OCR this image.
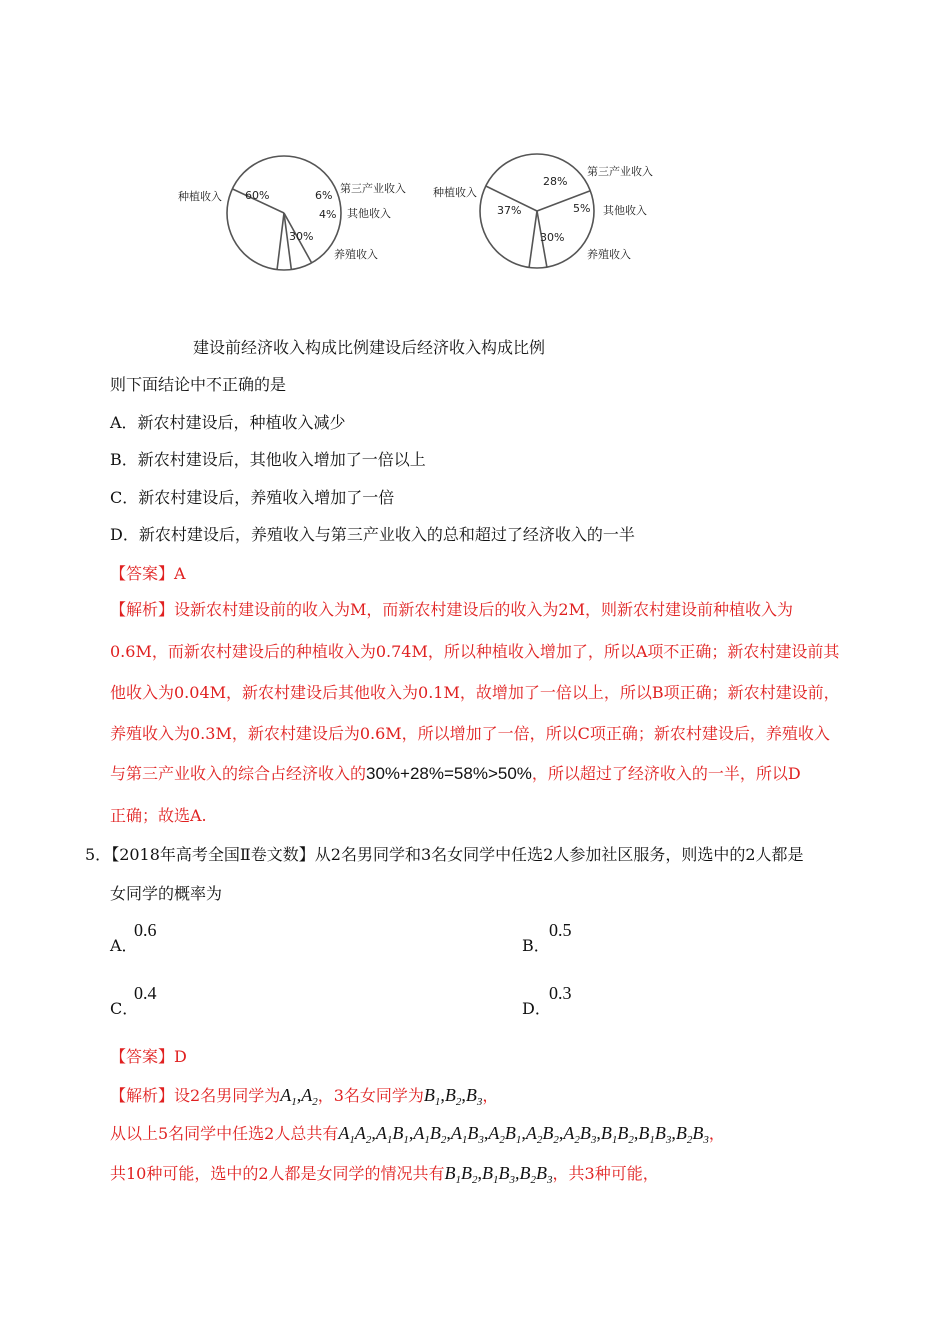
60%	6%
4%
30%
种植收入
第三产业收入
其他收入
养殖收入
28%
37%	5%
30%
种植收入
第三产业收入
其他收入
养殖收入
建设前经济收入构成比例建设后经济收入构成比例
则下面结论中不正确的是
A．新农村建设后，种植收入减少
B．新农村建设后，其他收入增加了一倍以上
C．新农村建设后，养殖收入增加了一倍
D．新农村建设后，养殖收入与第三产业收入的总和超过了经济收入的一半
【答案】A
【解析】设新农村建设前的收入为M，而新农村建设后的收入为2M，则新农村建设前种植收入为
0.6M，而新农村建设后的种植收入为0.74M，所以种植收入增加了，所以A项不正确；新农村建设前其
他收入为0.04M，新农村建设后其他收入为0.1M，故增加了一倍以上，所以B项正确；新农村建设前，
养殖收入为0.3M，新农村建设后为0.6M，所以增加了一倍，所以C项正确；新农村建设后，养殖收入
与第三产业收入的综合占经济收入的30%+28%=58%>50%，所以超过了经济收入的一半，所以D
正确；故选A.
5．【2018年高考全国Ⅱ卷文数】从2名男同学和3名女同学中任选2人参加社区服务，则选中的2人都是
女同学的概率为
A．
0.6
B．
0.5
C．
0.4
D．
0.3
【答案】D
【解析】设2名男同学为$A_1,A_2$，3名女同学为$B_1,B_2,B_3$，
从以上5名同学中任选2人总共有$A_1A_2,A_1B_1,A_1B_2,A_1B_3,A_2B_1,A_2B_2,A_2B_3,B_1B_2,B_1B_3,B_2B_3$，
共10种可能，选中的2人都是女同学的情况共有$B_1B_2,B_1B_3,B_2B_3$，共3种可能，
